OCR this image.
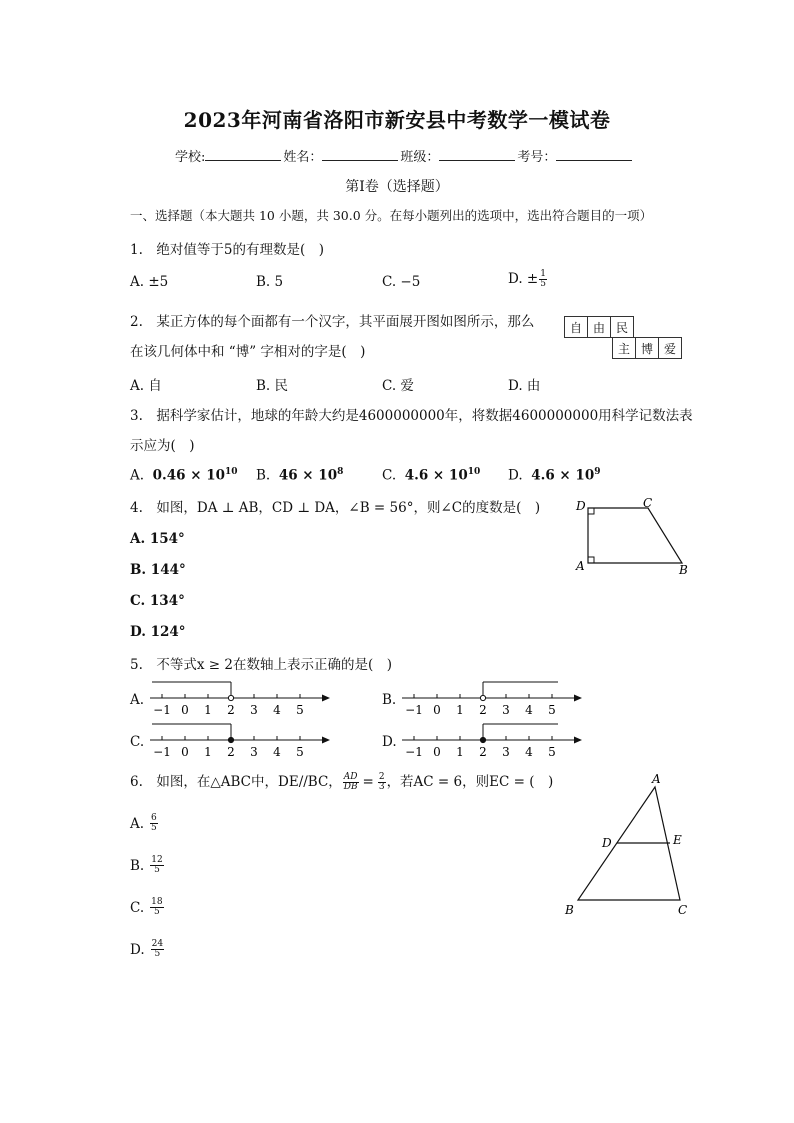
2023年河南省洛阳市新安县中考数学一模试卷
学校:	姓名：	班级：	考号：
第Ⅰ卷（选择题）
一、选择题（本大题共 10 小题，共 30.0 分。在每小题列出的选项中，选出符合题目的一项）
1.　绝对值等于5的有理数是(　)
A. ±5	B. 5	C. −5	D. ± $\frac{1}{5}$
2.　某正方体的每个面都有一个汉字，其平面展开图如图所示，那么
在该几何体中和 “博” 字相对的字是(　)
自 由 民
主 博 爱
A. 自	B. 民	C. 爱	D. 由
3.　据科学家估计，地球的年龄大约是4600000000年，将数据4600000000用科学记数法表
示应为(　)
A. $0.46 \times 10^{10}$ B. $46 \times 10^8$	C. $4.6 \times 10^{10}$ D. $4.6 \times 10^9$
4.　如图，DA ⊥ AB，CD ⊥ DA，∠B = 56°，则∠C的度数是(　)
A. 154°
B. 144°
C. 134°
D. 124°
D	C
A	B
5.　不等式x ≥ 2在数轴上表示正确的是(　)
A.
−1 0 1 2 3 4 5
B.
−1 0 1 2 3 4 5
C.
−1 0 1 2 3 4 5
D.
−1 0 1 2 3 4 5
6.　如图，在△ABC中，DE//BC， $\frac{AD}{DB} = \frac{2}{3}$ ，若AC = 6，则EC = (　)
A. $\frac{6}{5}$
B. $\frac{12}{5}$
C. $\frac{18}{5}$
D. $\frac{24}{5}$
A
D	E
B	C
